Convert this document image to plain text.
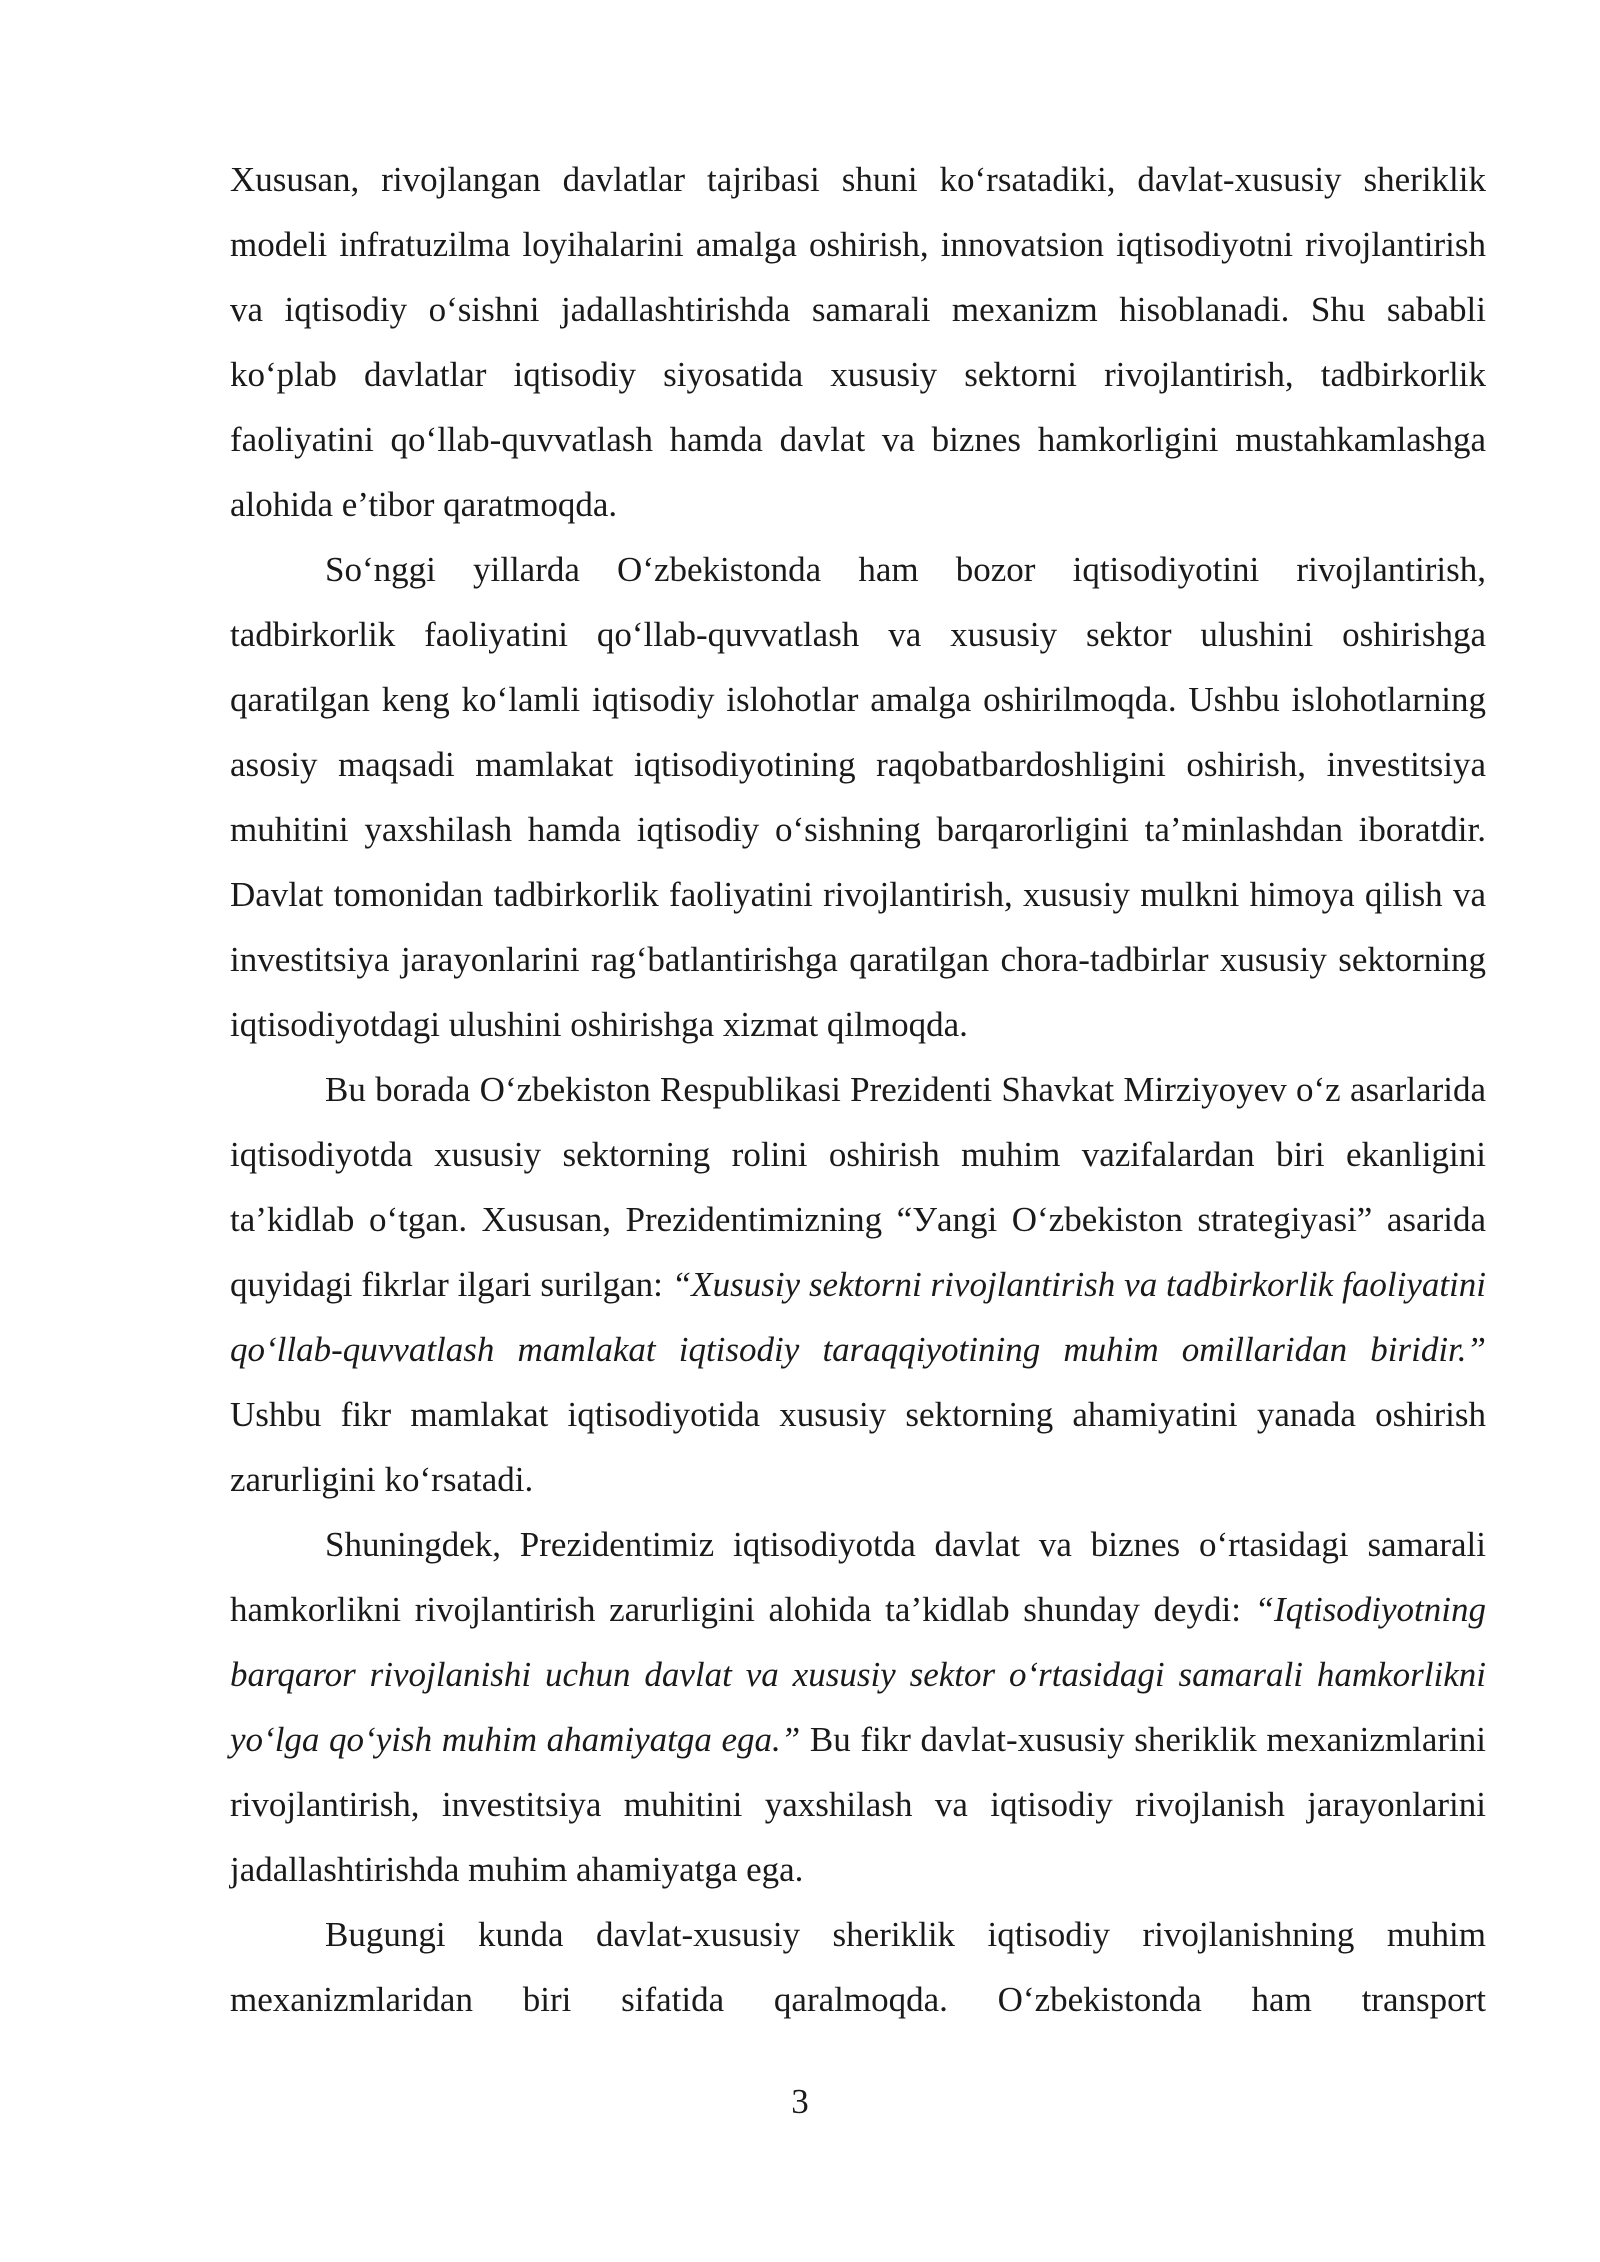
Xususan, rivojlangan davlatlar tajribasi shuni ko‘rsatadiki, davlat-xususiy sheriklik modeli infratuzilma loyihalarini amalga oshirish, innovatsion iqtisodiyotni rivojlantirish va iqtisodiy o‘sishni jadallashtirishda samarali mexanizm hisoblanadi. Shu sababli ko‘plab davlatlar iqtisodiy siyosatida xususiy sektorni rivojlantirish, tadbirkorlik faoliyatini qo‘llab-quvvatlash hamda davlat va biznes hamkorligini mustahkamlashga alohida e’tibor qaratmoqda.

So‘nggi yillarda O‘zbekistonda ham bozor iqtisodiyotini rivojlantirish, tadbirkorlik faoliyatini qo‘llab-quvvatlash va xususiy sektor ulushini oshirishga qaratilgan keng ko‘lamli iqtisodiy islohotlar amalga oshirilmoqda. Ushbu islohotlarning asosiy maqsadi mamlakat iqtisodiyotining raqobatbardoshligini oshirish, investitsiya muhitini yaxshilash hamda iqtisodiy o‘sishning barqarorligini ta’minlashdan iboratdir. Davlat tomonidan tadbirkorlik faoliyatini rivojlantirish, xususiy mulkni himoya qilish va investitsiya jarayonlarini rag‘batlantirishga qaratilgan chora-tadbirlar xususiy sektorning iqtisodiyotdagi ulushini oshirishga xizmat qilmoqda.

Bu borada O‘zbekiston Respublikasi Prezidenti Shavkat Mirziyoyev o‘z asarlarida iqtisodiyotda xususiy sektorning rolini oshirish muhim vazifalardan biri ekanligini ta’kidlab o‘tgan. Xususan, Prezidentimizning “Уangi O‘zbekiston strategiyasi” asarida quyidagi fikrlar ilgari surilgan: “Xususiy sektorni rivojlantirish va tadbirkorlik faoliyatini qo‘llab-quvvatlash mamlakat iqtisodiy taraqqiyotining muhim omillaridan biridir.” Ushbu fikr mamlakat iqtisodiyotida xususiy sektorning ahamiyatini yanada oshirish zarurligini ko‘rsatadi.

Shuningdek, Prezidentimiz iqtisodiyotda davlat va biznes o‘rtasidagi samarali hamkorlikni rivojlantirish zarurligini alohida ta’kidlab shunday deydi: “Iqtisodiyotning barqaror rivojlanishi uchun davlat va xususiy sektor o‘rtasidagi samarali hamkorlikni yo‘lga qo‘yish muhim ahamiyatga ega.” Bu fikr davlat-xususiy sheriklik mexanizmlarini rivojlantirish, investitsiya muhitini yaxshilash va iqtisodiy rivojlanish jarayonlarini jadallashtirishda muhim ahamiyatga ega.

Bugungi kunda davlat-xususiy sheriklik iqtisodiy rivojlanishning muhim mexanizmlaridan biri sifatida qaralmoqda. O‘zbekistonda ham transport

3
